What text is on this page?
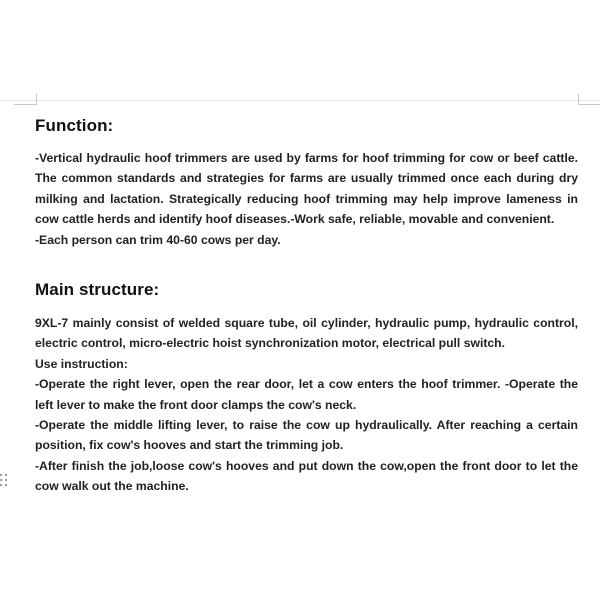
Function:

-Vertical hydraulic hoof trimmers are used by farms for hoof trimming for cow or beef cattle. The common standards and strategies for farms are usually trimmed once each during dry milking and lactation. Strategically reducing hoof trimming may help improve lameness in cow cattle herds and identify hoof diseases.-Work safe, reliable, movable and convenient.

-Each person can trim 40-60 cows per day.

Main structure:

9XL-7 mainly consist of welded square tube, oil cylinder, hydraulic pump, hydraulic control, electric control, micro-electric hoist synchronization motor, electrical pull switch.

Use instruction:

-Operate the right lever, open the rear door, let a cow enters the hoof trimmer. -Operate the left lever to make the front door clamps the cow's neck.

-Operate the middle lifting lever, to raise the cow up hydraulically. After reaching a certain position, fix cow's hooves and start the trimming job.

-After finish the job,loose cow's hooves and put down the cow,open the front door to let the cow walk out the machine.
